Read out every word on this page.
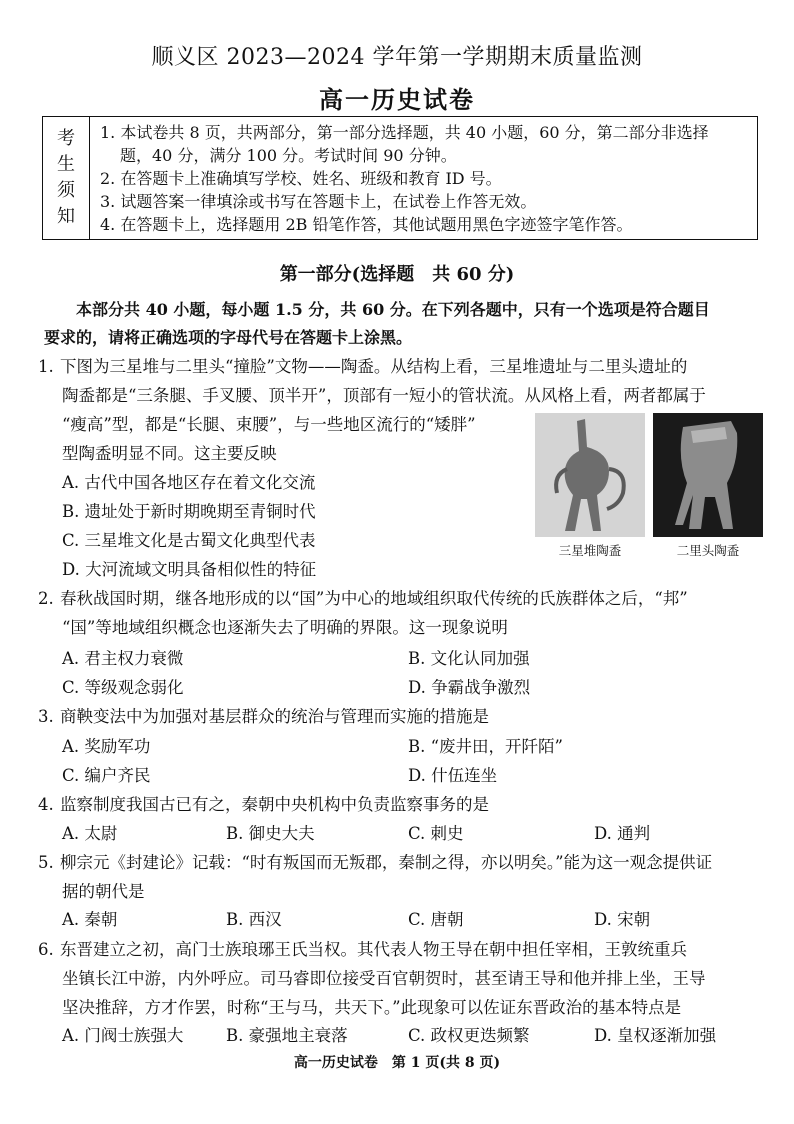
顺义区 2023—2024 学年第一学期期末质量监测
高一历史试卷
考
生
须
知
1. 本试卷共 8 页，共两部分，第一部分选择题，共 40 小题，60 分，第二部分非选择
题，40 分，满分 100 分。考试时间 90 分钟。
2. 在答题卡上准确填写学校、姓名、班级和教育 ID 号。
3. 试题答案一律填涂或书写在答题卡上，在试卷上作答无效。
4. 在答题卡上，选择题用 2B 铅笔作答，其他试题用黑色字迹签字笔作答。
第一部分(选择题　共 60 分)
本部分共 40 小题，每小题 1.5 分，共 60 分。在下列各题中，只有一个选项是符合题目
要求的，请将正确选项的字母代号在答题卡上涂黑。
1. 下图为三星堆与二里头“撞脸”文物——陶盉。从结构上看，三星堆遗址与二里头遗址的
陶盉都是“三条腿、手叉腰、顶半开”，顶部有一短小的管状流。从风格上看，两者都属于
“瘦高”型，都是“长腿、束腰”，与一些地区流行的“矮胖”
型陶盉明显不同。这主要反映
A. 古代中国各地区存在着文化交流
B. 遗址处于新时期晚期至青铜时代
C. 三星堆文化是古蜀文化典型代表
D. 大河流域文明具备相似性的特征
三星堆陶盉	二里头陶盉
2. 春秋战国时期，继各地形成的以“国”为中心的地域组织取代传统的氏族群体之后，“邦”
“国”等地域组织概念也逐渐失去了明确的界限。这一现象说明
A. 君主权力衰微	B. 文化认同加强
C. 等级观念弱化	D. 争霸战争激烈
3. 商鞅变法中为加强对基层群众的统治与管理而实施的措施是
A. 奖励军功	B. “废井田，开阡陌”
C. 编户齐民	D. 什伍连坐
4. 监察制度我国古已有之，秦朝中央机构中负责监察事务的是
A. 太尉	B. 御史大夫	C. 刺史	D. 通判
5. 柳宗元《封建论》记载：“时有叛国而无叛郡，秦制之得，亦以明矣。”能为这一观念提供证
据的朝代是
A. 秦朝	B. 西汉	C. 唐朝	D. 宋朝
6. 东晋建立之初，高门士族琅琊王氏当权。其代表人物王导在朝中担任宰相，王敦统重兵
坐镇长江中游，内外呼应。司马睿即位接受百官朝贺时，甚至请王导和他并排上坐，王导
坚决推辞，方才作罢，时称“王与马，共天下。”此现象可以佐证东晋政治的基本特点是
A. 门阀士族强大	B. 豪强地主衰落	C. 政权更迭频繁	D. 皇权逐渐加强
高一历史试卷　第 1 页(共 8 页)
